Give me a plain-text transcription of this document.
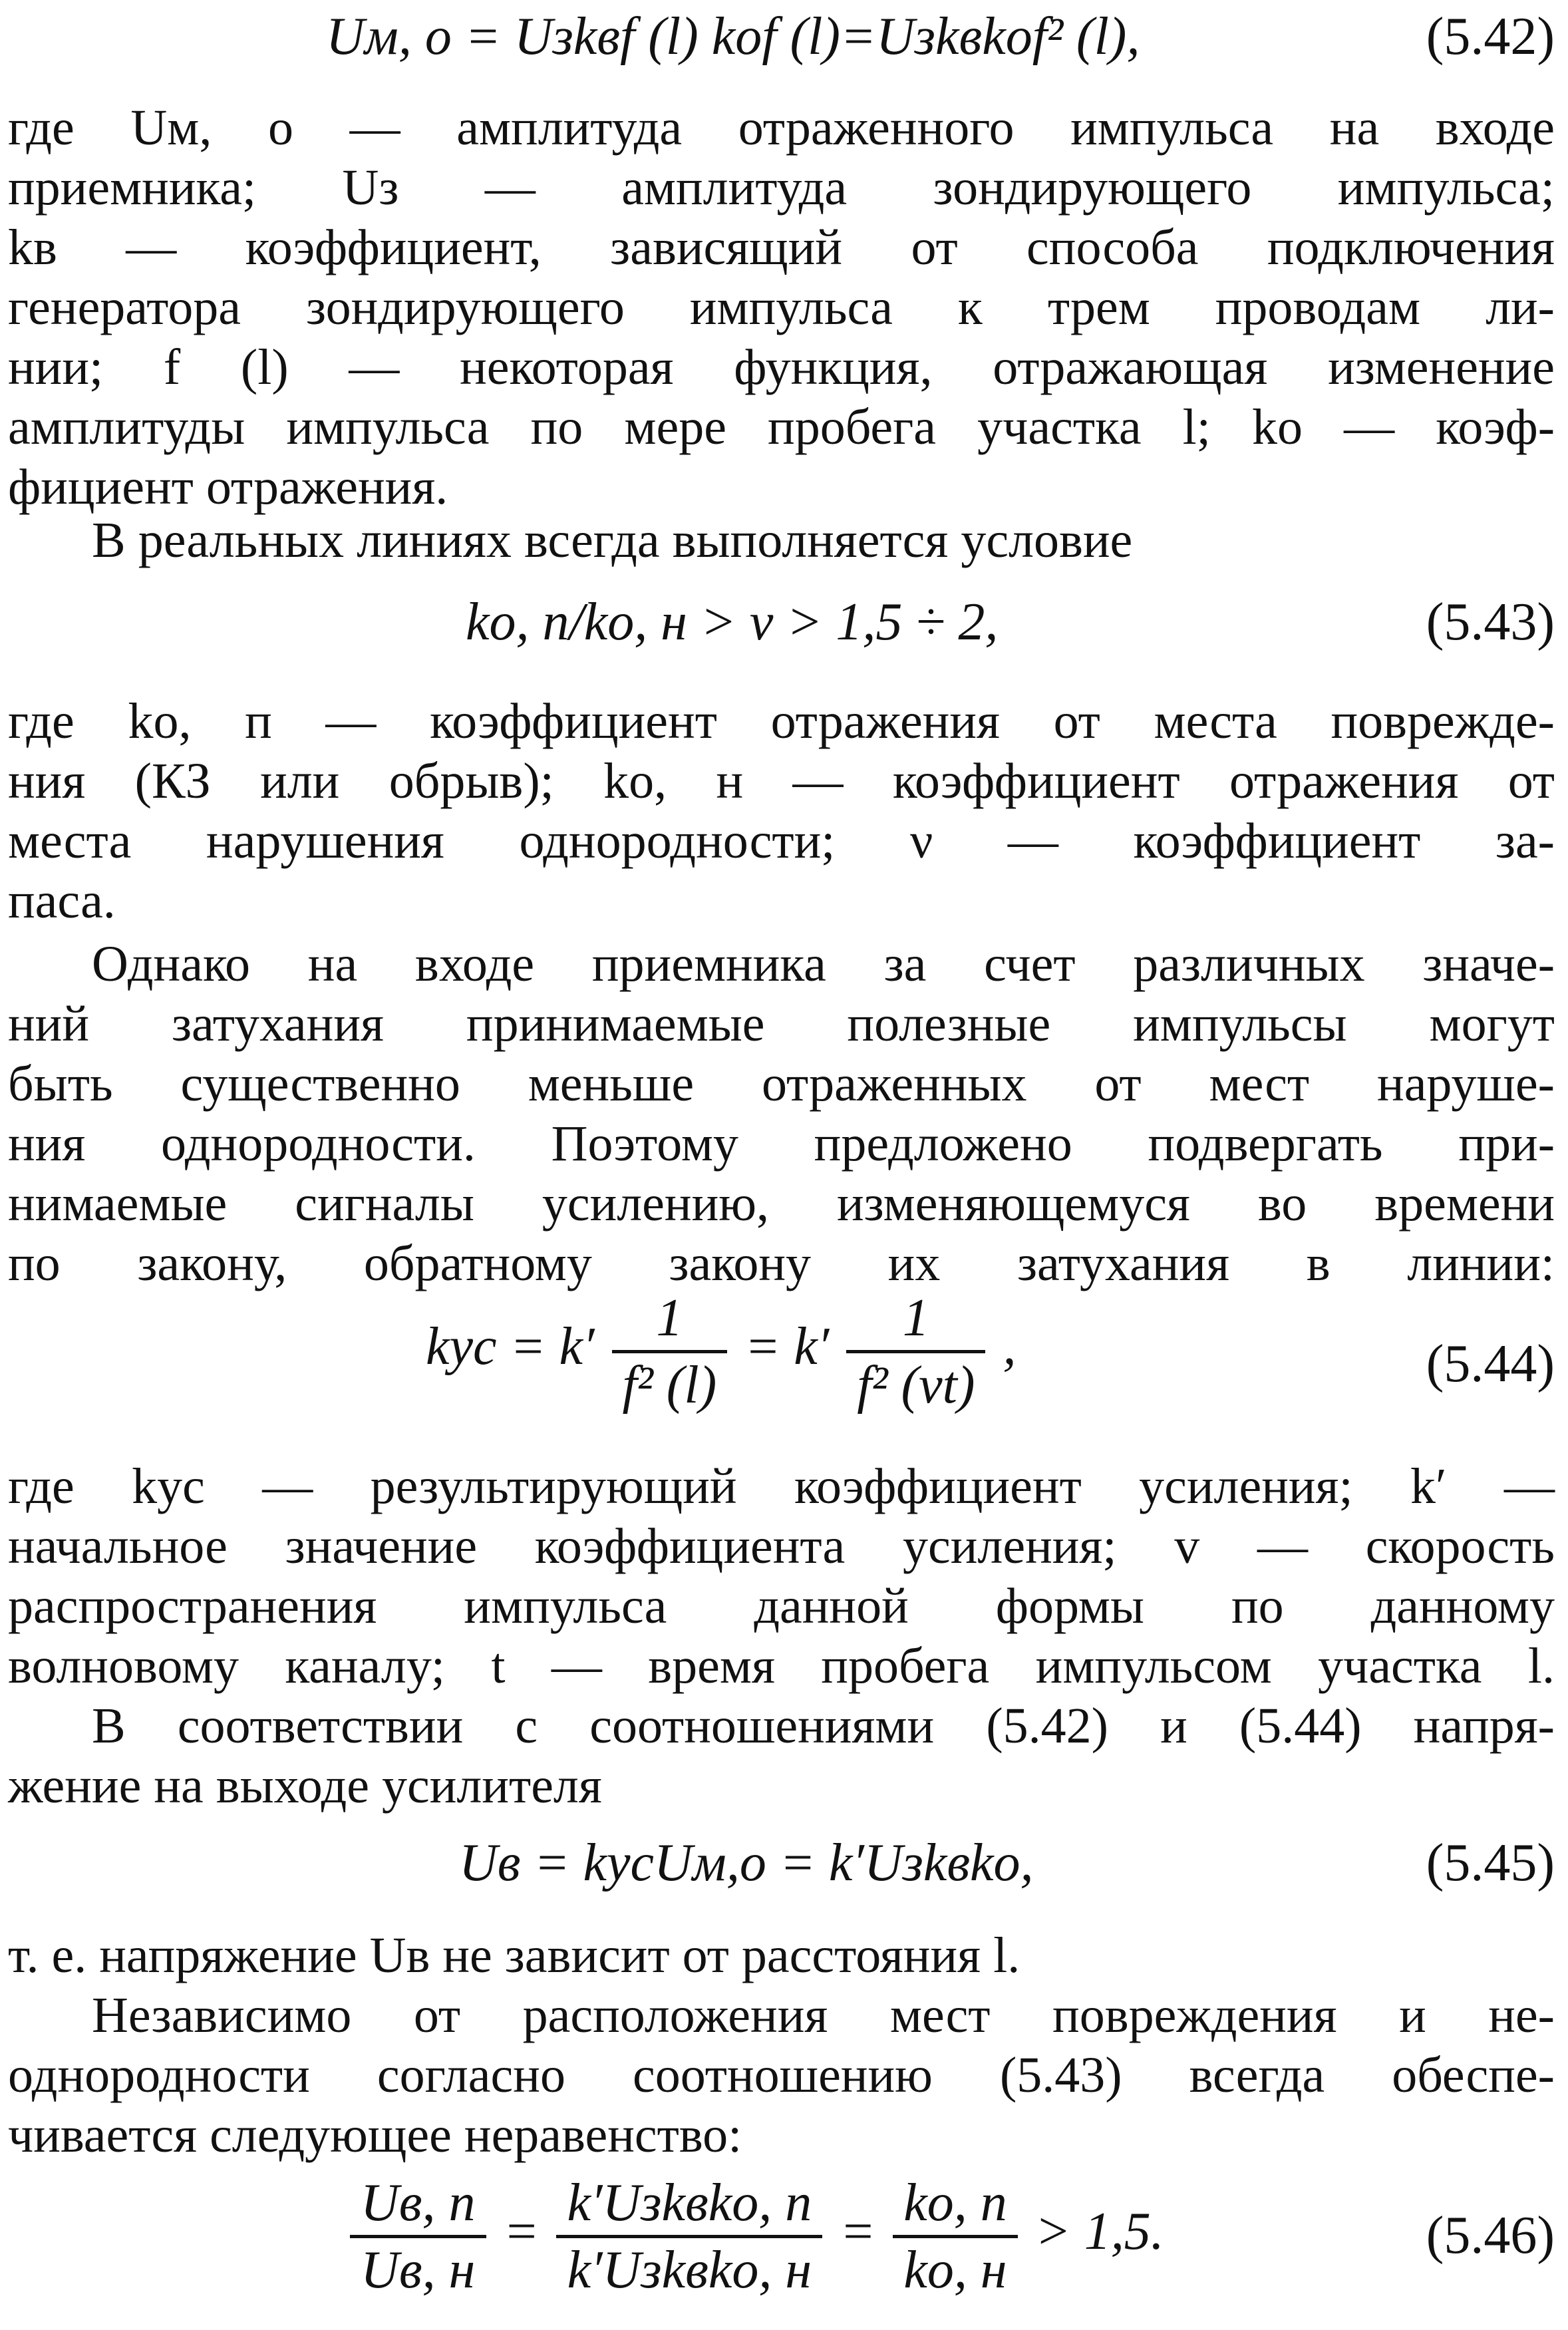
Uм, о = Uзkвf (l) kоf (l)=Uзkвkоf² (l),	(5.42)
где Uм, о — амплитуда отраженного импульса на входе
приемника; Uз — амплитуда зондирующего импульса;
kв — коэффициент, зависящий от способа подключения
генератора зондирующего импульса к трем проводам ли-
нии; f (l) — некоторая функция, отражающая изменение
амплитуды импульса по мере пробега участка l; kо — коэф-
фициент отражения.
В реальных линиях всегда выполняется условие
kо, п/kо, н > ν > 1,5 ÷ 2,	(5.43)
где kо, п — коэффициент отражения от места поврежде-
ния (КЗ или обрыв); kо, н — коэффициент отражения от
места нарушения однородности; ν — коэффициент за-
паса.
Однако на входе приемника за счет различных значе-
ний затухания принимаемые полезные импульсы могут
быть существенно меньше отраженных от мест наруше-
ния однородности. Поэтому предложено подвергать при-
нимаемые сигналы усилению, изменяющемуся во времени
по закону, обратному закону их затухания в линии:
kус = $k' \frac{1}{\text{f² (l)}} = k' \frac{1}{\text{f² (vt)}}$ ,	(5.44)
где kус — результирующий коэффициент усиления; k′ —
начальное значение коэффициента усиления; v — скорость
распространения импульса данной формы по данному
волновому каналу; t — время пробега импульсом участка l.
В соответствии с соотношениями (5.42) и (5.44) напря-
жение на выходе усилителя
Uв = kусUм,о = k′Uзkвkо,	(5.45)
т. е. напряжение Uв не зависит от расстояния l.
Независимо от расположения мест повреждения и не-
однородности согласно соотношению (5.43) всегда обеспе-
чивается следующее неравенство:
$\frac{Uв, п}{Uв, н} = \frac{\text{k′Uзkвkо, п}}{\text{k′Uзkвkо, н}} = \frac{kо, п}{kо, н} > 1,5$.	(5.46)
